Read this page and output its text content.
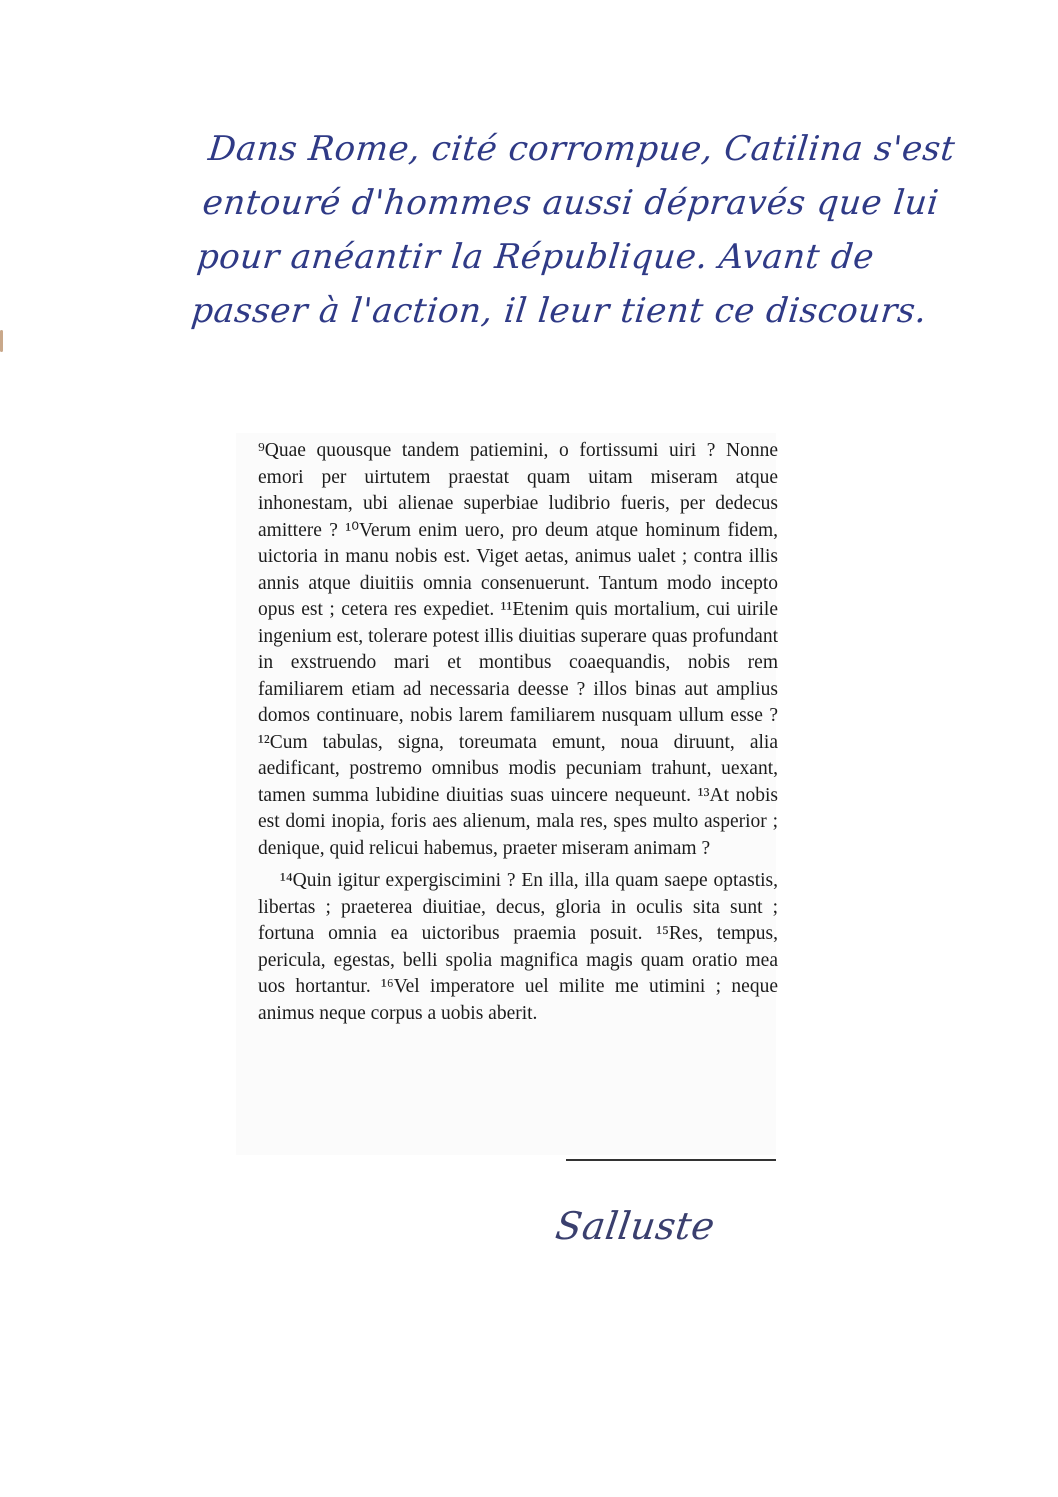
Dans Rome, cité corrompue, Catilina s'est entouré d'hommes aussi dépravés que lui pour anéantir la République. Avant de passer à l'action, il leur tient ce discours.

⁹Quae quousque tandem patiemini, o fortissumi uiri ? Nonne emori per uirtutem praestat quam uitam miseram atque inhonestam, ubi alienae superbiae ludibrio fueris, per dedecus amittere ? ¹⁰Verum enim uero, pro deum atque hominum fidem, uictoria in manu nobis est. Viget aetas, animus ualet ; contra illis annis atque diuitiis omnia consenuerunt. Tantum modo incepto opus est ; cetera res expediet. ¹¹Etenim quis mortalium, cui uirile ingenium est, tolerare potest illis diuitias superare quas profundant in exstruendo mari et montibus coaequandis, nobis rem familiarem etiam ad necessaria deesse ? illos binas aut amplius domos continuare, nobis larem familiarem nusquam ullum esse ? ¹²Cum tabulas, signa, toreumata emunt, noua diruunt, alia aedificant, postremo omnibus modis pecuniam trahunt, uexant, tamen summa lubidine diuitias suas uincere nequeunt. ¹³At nobis est domi inopia, foris aes alienum, mala res, spes multo asperior ; denique, quid relicui habemus, praeter miseram animam ?

¹⁴Quin igitur expergiscimini ? En illa, illa quam saepe optastis, libertas ; praeterea diuitiae, decus, gloria in oculis sita sunt ; fortuna omnia ea uictoribus praemia posuit. ¹⁵Res, tempus, pericula, egestas, belli spolia magnifica magis quam oratio mea uos hortantur. ¹⁶Vel imperatore uel milite me utimini ; neque animus neque corpus a uobis aberit.

Salluste
